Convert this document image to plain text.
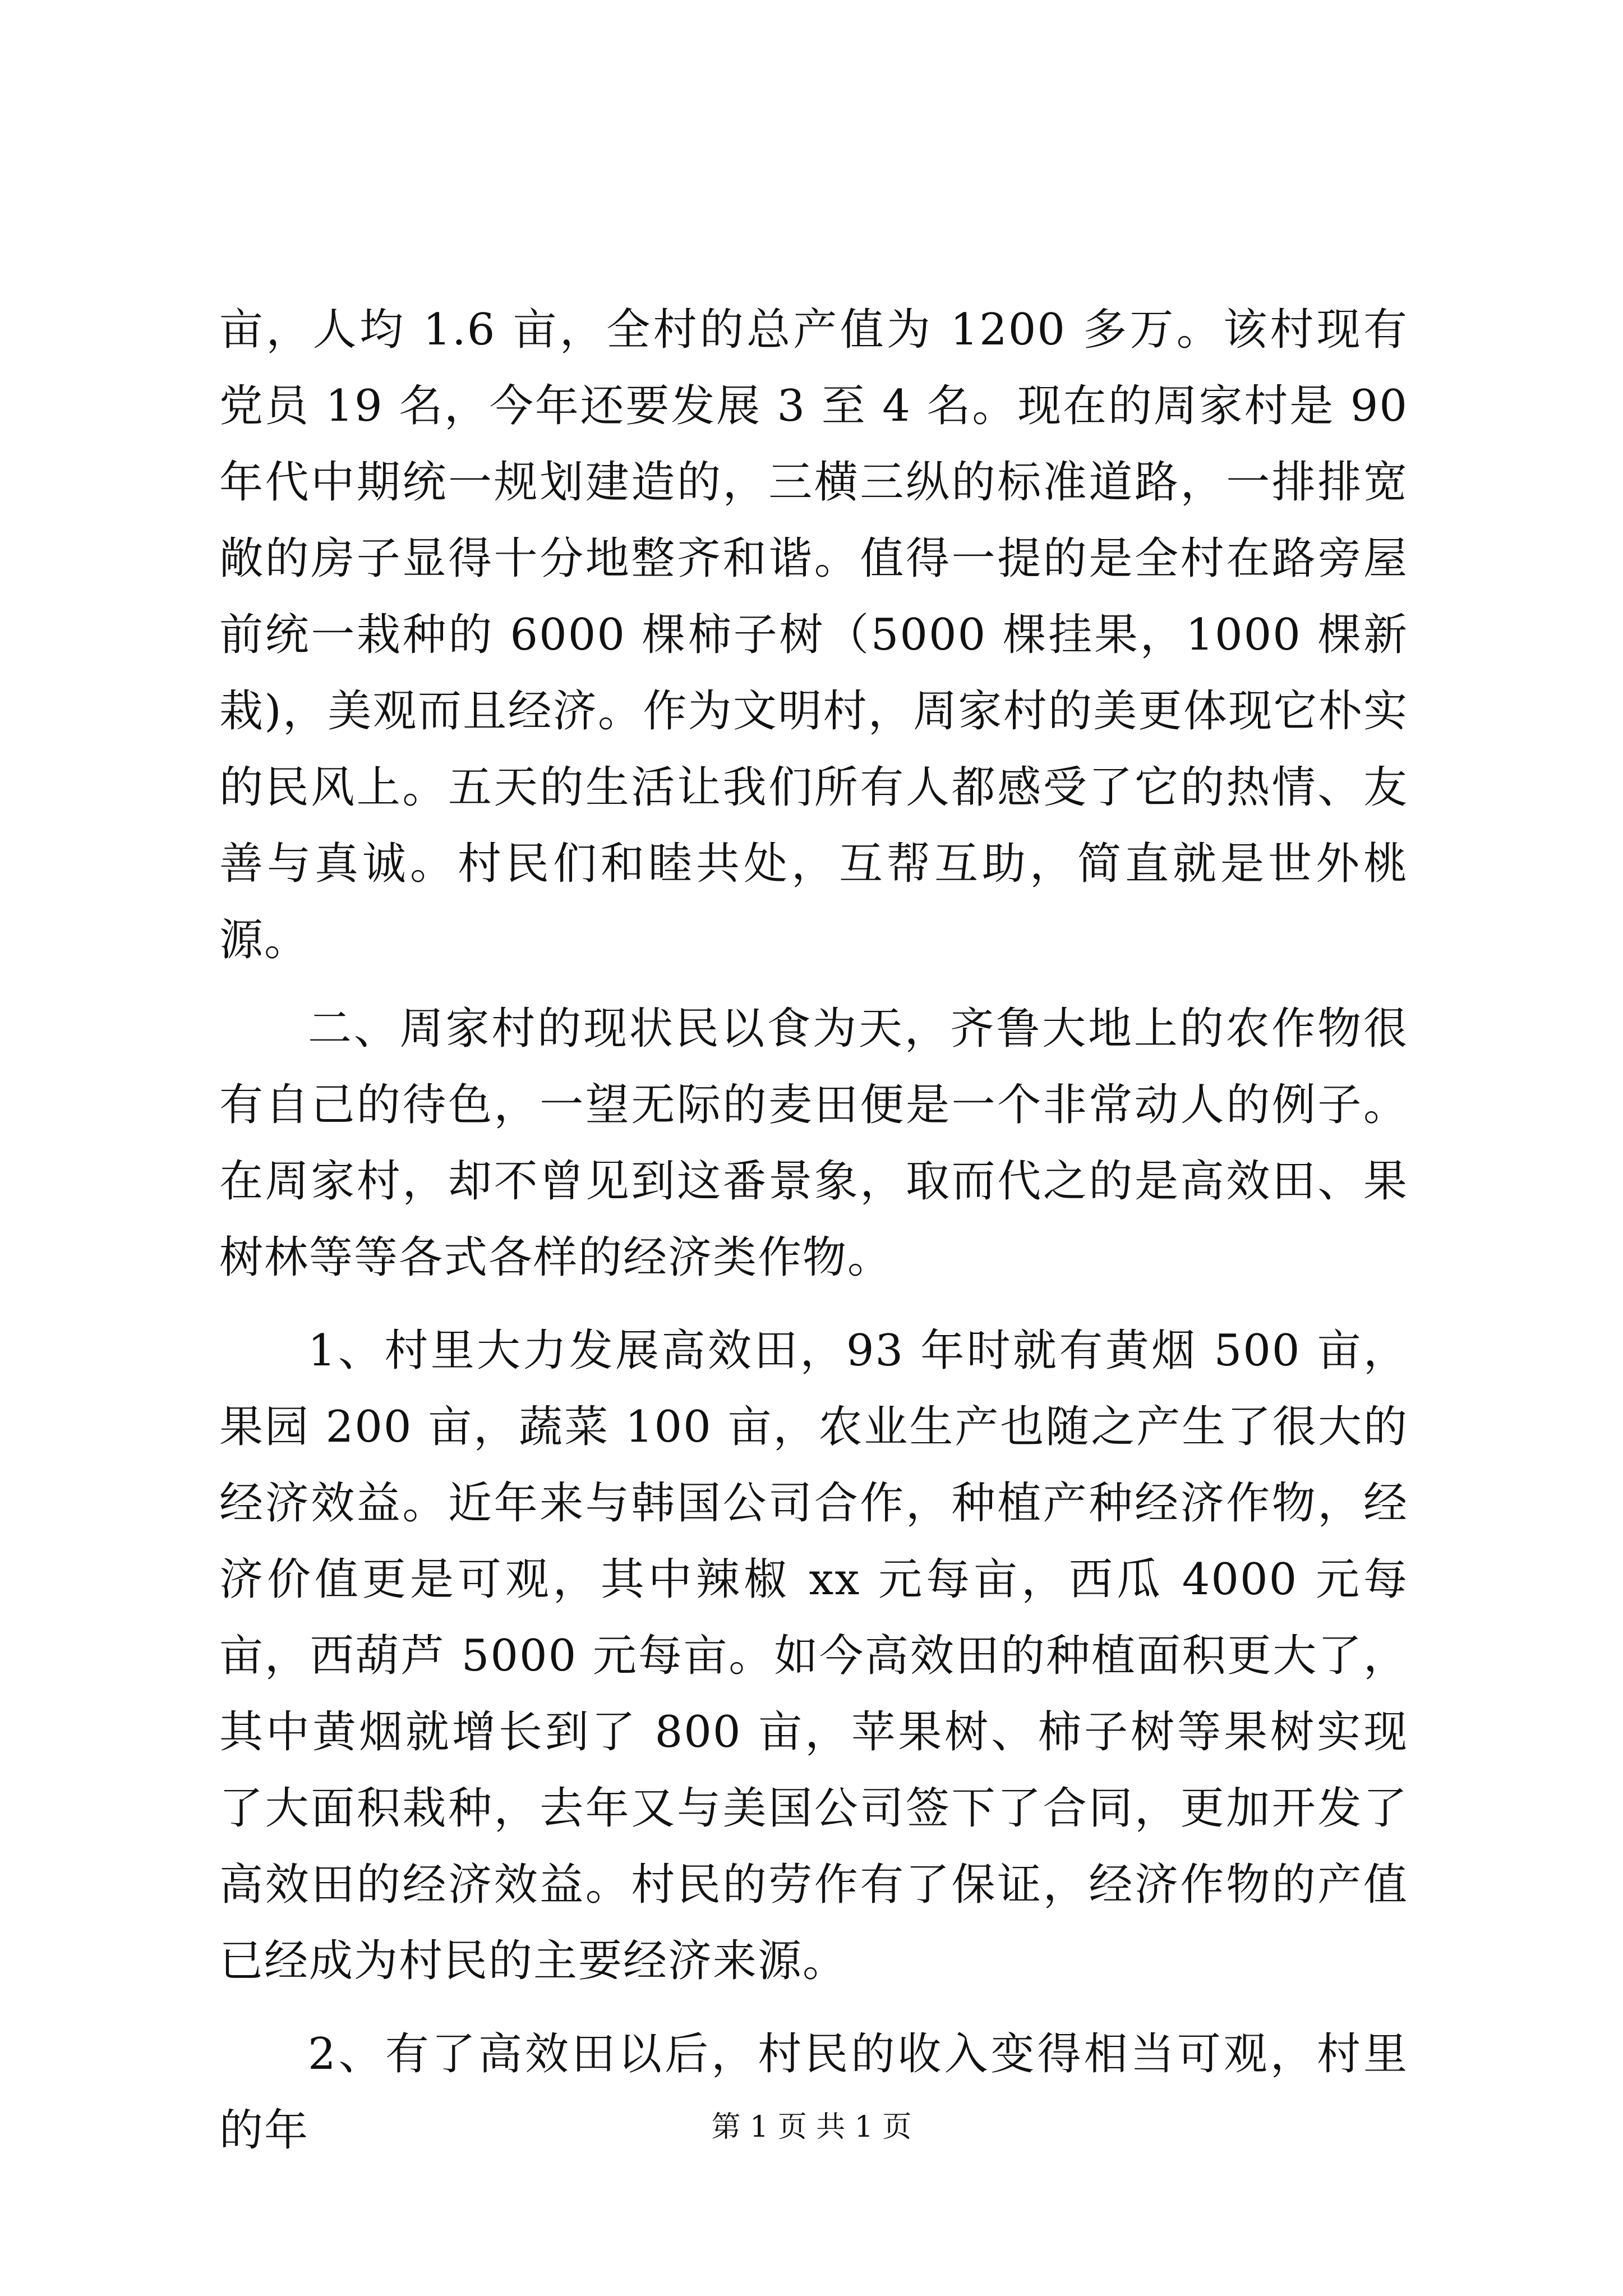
亩，人均 1.6 亩，全村的总产值为 1200 多万。该村现有党员 19 名，今年还要发展 3 至 4 名。现在的周家村是 90 年代中期统一规划建造的，三横三纵的标准道路，一排排宽敞的房子显得十分地整齐和谐。值得一提的是全村在路旁屋前统一栽种的 6000 棵柿子树（5000 棵挂果，1000 棵新栽)，美观而且经济。作为文明村，周家村的美更体现它朴实的民风上。五天的生活让我们所有人都感受了它的热情、友善与真诚。村民们和睦共处，互帮互助，简直就是世外桃源。

二、周家村的现状民以食为天，齐鲁大地上的农作物很有自己的待色，一望无际的麦田便是一个非常动人的例子。在周家村，却不曾见到这番景象，取而代之的是高效田、果树林等等各式各样的经济类作物。

1、村里大力发展高效田，93 年时就有黄烟 500 亩，果园 200 亩，蔬菜 100 亩，农业生产也随之产生了很大的经济效益。近年来与韩国公司合作，种植产种经济作物，经济价值更是可观，其中辣椒 xx 元每亩，西瓜 4000 元每亩，西葫芦 5000 元每亩。如今高效田的种植面积更大了，其中黄烟就增长到了 800 亩，苹果树、柿子树等果树实现了大面积栽种，去年又与美国公司签下了合同，更加开发了高效田的经济效益。村民的劳作有了保证，经济作物的产值已经成为村民的主要经济来源。

2、有了高效田以后，村民的收入变得相当可观，村里的年	第 1 页 共 1 页
